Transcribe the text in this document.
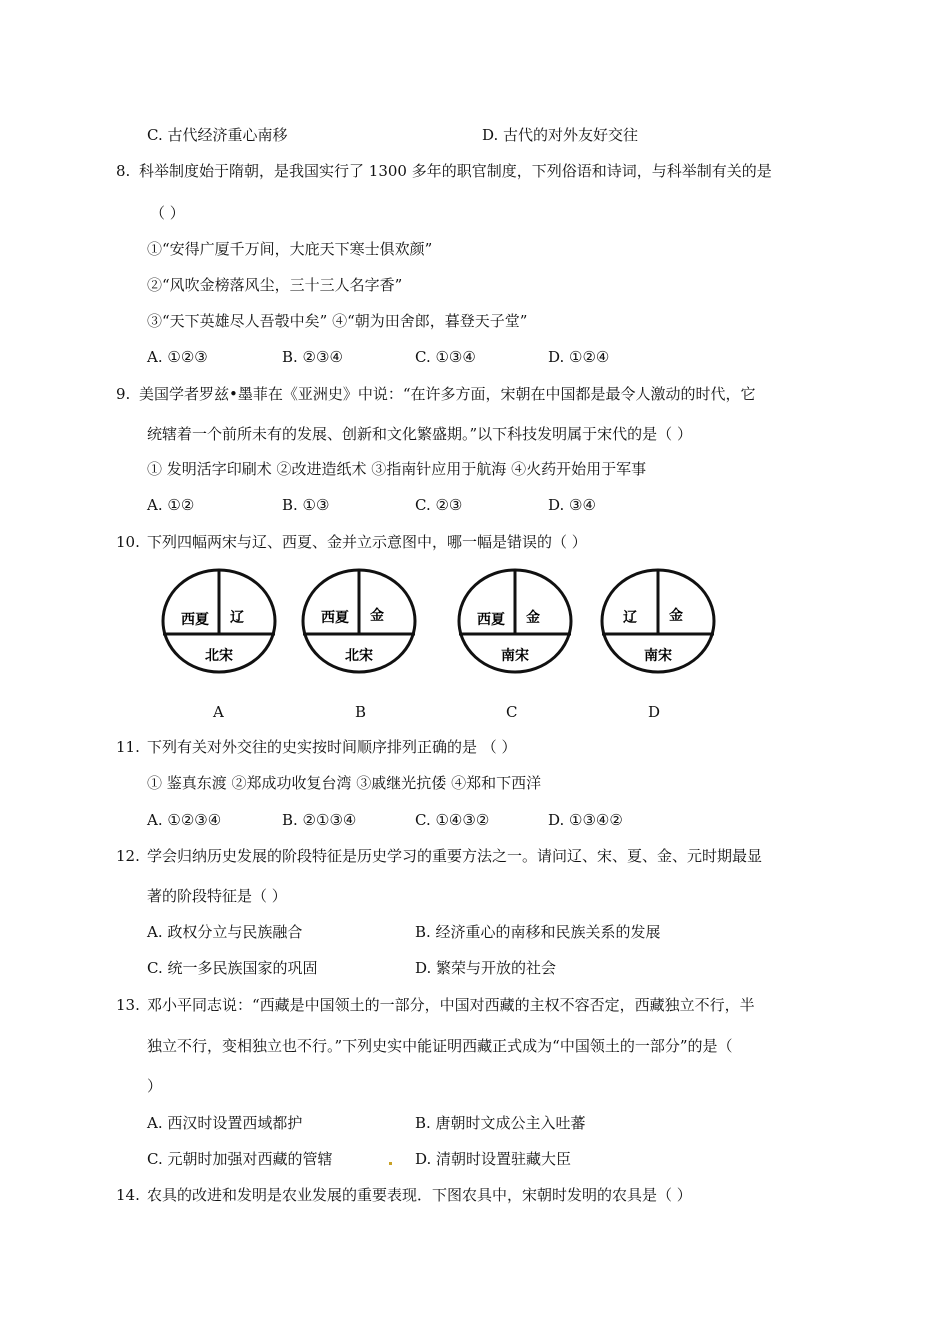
C. 古代经济重心南移	D. 古代的对外友好交往
8. 科举制度始于隋朝，是我国实行了 1300 多年的职官制度，下列俗语和诗词，与科举制有关的是
（ ）
①“安得广厦千万间，大庇天下寒士俱欢颜”
②“风吹金榜落风尘，三十三人名字香”
③“天下英雄尽人吾彀中矣” ④“朝为田舍郎，暮登天子堂”
A. ①②③	B. ②③④	C. ①③④	D. ①②④
9. 美国学者罗兹•墨菲在《亚洲史》中说：“在许多方面，宋朝在中国都是最令人激动的时代，它
统辖着一个前所未有的发展、创新和文化繁盛期。”以下科技发明属于宋代的是（ ）
① 发明活字印刷术 ②改进造纸术 ③指南针应用于航海 ④火药开始用于军事
A. ①②	B. ①③	C. ②③	D. ③④
10. 下列四幅两宋与辽、西夏、金并立示意图中，哪一幅是错误的（ ）
西夏 辽
北宋
西夏 金
北宋
西夏 金
南宋
辽 金
南宋
A	B	C	D
11. 下列有关对外交往的史实按时间顺序排列正确的是 （ ）
① 鉴真东渡 ②郑成功收复台湾 ③戚继光抗倭 ④郑和下西洋
A. ①②③④	B. ②①③④	C. ①④③②	D. ①③④②
12. 学会归纳历史发展的阶段特征是历史学习的重要方法之一。请问辽、宋、夏、金、元时期最显
著的阶段特征是（ ）
A. 政权分立与民族融合	B. 经济重心的南移和民族关系的发展
C. 统一多民族国家的巩固	D. 繁荣与开放的社会
13. 邓小平同志说：“西藏是中国领土的一部分，中国对西藏的主权不容否定，西藏独立不行，半
独立不行，变相独立也不行。”下列史实中能证明西藏正式成为“中国领土的一部分”的是（
）
A. 西汉时设置西域都护	B. 唐朝时文成公主入吐蕃
C. 元朝时加强对西藏的管辖	D. 清朝时设置驻藏大臣
14. 农具的改进和发明是农业发展的重要表现．下图农具中，宋朝时发明的农具是（ ）
